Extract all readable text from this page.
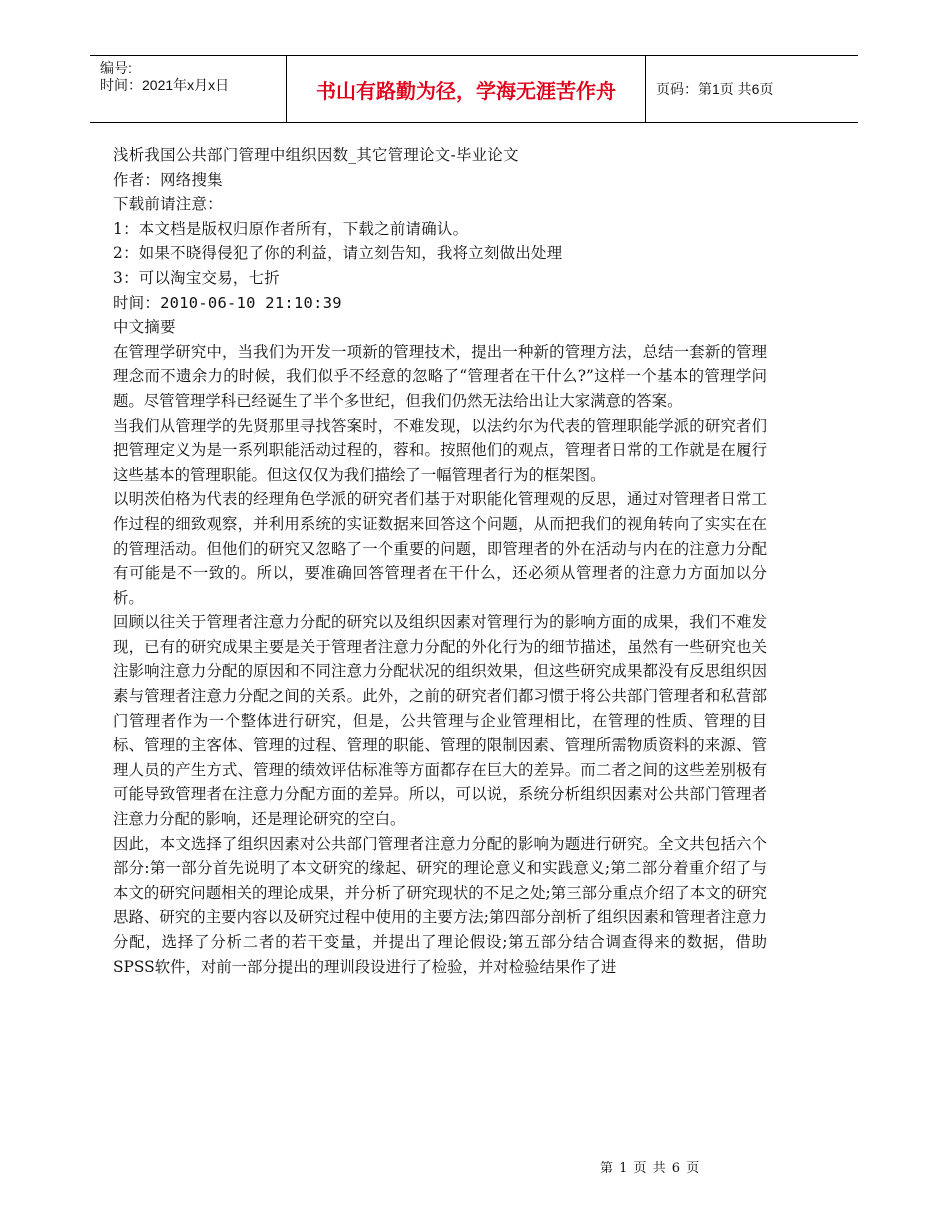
编号:
时间：2021年x月x日	书山有路勤为径，学海无涯苦作舟	页码：第1页 共6页

浅析我国公共部门管理中组织因数_其它管理论文-毕业论文

作者：网络搜集

下载前请注意：

1：本文档是版权归原作者所有，下载之前请确认。

2：如果不晓得侵犯了你的利益，请立刻告知，我将立刻做出处理

3：可以淘宝交易，七折

时间：2010-06-10 21:10:39

中文摘要

在管理学研究中，当我们为开发一项新的管理技术，提出一种新的管理方法，总结一套新的管理理念而不遗余力的时候，我们似乎不经意的忽略了“管理者在干什么?”这样一个基本的管理学问题。尽管管理学科已经诞生了半个多世纪，但我们仍然无法给出让大家满意的答案。

当我们从管理学的先贤那里寻找答案时，不难发现，以法约尔为代表的管理职能学派的研究者们把管理定义为是一系列职能活动过程的，蓉和。按照他们的观点，管理者日常的工作就是在履行这些基本的管理职能。但这仅仅为我们描绘了一幅管理者行为的框架图。

以明茨伯格为代表的经理角色学派的研究者们基于对职能化管理观的反思，通过对管理者日常工作过程的细致观察，并利用系统的实证数据来回答这个问题，从而把我们的视角转向了实实在在的管理活动。但他们的研究又忽略了一个重要的问题，即管理者的外在活动与内在的注意力分配有可能是不一致的。所以，要准确回答管理者在干什么，还必须从管理者的注意力方面加以分析。

回顾以往关于管理者注意力分配的研究以及组织因素对管理行为的影响方面的成果，我们不难发现，已有的研究成果主要是关于管理者注意力分配的外化行为的细节描述，虽然有一些研究也关注影响注意力分配的原因和不同注意力分配状况的组织效果，但这些研究成果都没有反思组织因素与管理者注意力分配之间的关系。此外，之前的研究者们都习惯于将公共部门管理者和私营部门管理者作为一个整体进行研究，但是，公共管理与企业管理相比，在管理的性质、管理的目标、管理的主客体、管理的过程、管理的职能、管理的限制因素、管理所需物质资料的来源、管理人员的产生方式、管理的绩效评估标准等方面都存在巨大的差异。而二者之间的这些差别极有可能导致管理者在注意力分配方面的差异。所以，可以说，系统分析组织因素对公共部门管理者注意力分配的影响，还是理论研究的空白。

因此，本文选择了组织因素对公共部门管理者注意力分配的影响为题进行研究。全文共包括六个部分:第一部分首先说明了本文研究的缘起、研究的理论意义和实践意义;第二部分着重介绍了与本文的研究问题相关的理论成果，并分析了研究现状的不足之处;第三部分重点介绍了本文的研究思路、研究的主要内容以及研究过程中使用的主要方法;第四部分剖析了组织因素和管理者注意力分配，选择了分析二者的若干变量，并提出了理论假设;第五部分结合调查得来的数据，借助SPSS软件，对前一部分提出的理训段设进行了检验，并对检验结果作了进

第 1 页 共 6 页
